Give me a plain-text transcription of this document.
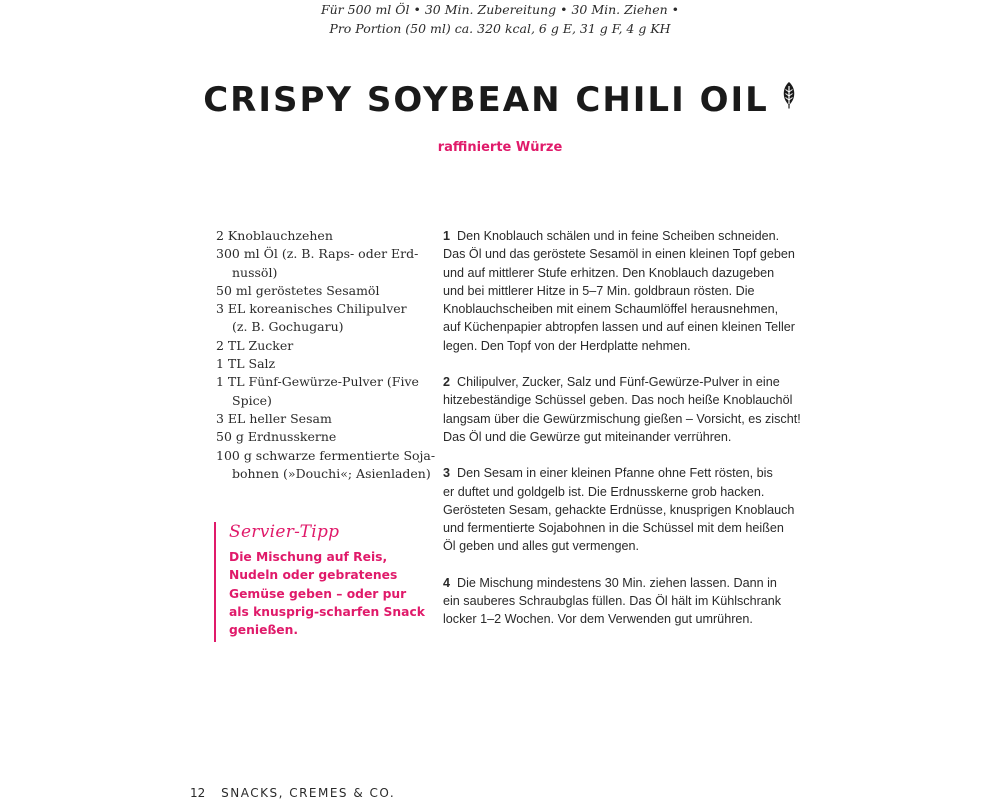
Für 500 ml Öl • 30 Min. Zubereitung • 30 Min. Ziehen •
Pro Portion (50 ml) ca. 320 kcal, 6 g E, 31 g F, 4 g KH
CRISPY SOYBEAN CHILI OIL
raffinierte Würze
2 Knoblauchzehen
300 ml Öl (z. B. Raps- oder Erd-
nussöl)
50 ml geröstetes Sesamöl
3 EL koreanisches Chilipulver
(z. B. Gochugaru)
2 TL Zucker
1 TL Salz
1 TL Fünf-Gewürze-Pulver (Five
Spice)
3 EL heller Sesam
50 g Erdnusskerne
100 g schwarze fermentierte Soja-
bohnen (»Douchi«; Asienladen)
Servier-Tipp
Die Mischung auf Reis,
Nudeln oder gebratenes
Gemüse geben – oder pur
als knusprig-scharfen Snack
genießen.
1 Den Knoblauch schälen und in feine Scheiben schneiden.
Das Öl und das geröstete Sesamöl in einen kleinen Topf geben
und auf mittlerer Stufe erhitzen. Den Knoblauch dazugeben
und bei mittlerer Hitze in 5–7 Min. goldbraun rösten. Die
Knoblauchscheiben mit einem Schaumlöffel herausnehmen,
auf Küchenpapier abtropfen lassen und auf einen kleinen Teller
legen. Den Topf von der Herdplatte nehmen.
2 Chilipulver, Zucker, Salz und Fünf-Gewürze-Pulver in eine
hitzebeständige Schüssel geben. Das noch heiße Knoblauchöl
langsam über die Gewürzmischung gießen – Vorsicht, es zischt!
Das Öl und die Gewürze gut miteinander verrühren.
3 Den Sesam in einer kleinen Pfanne ohne Fett rösten, bis
er duftet und goldgelb ist. Die Erdnusskerne grob hacken.
Gerösteten Sesam, gehackte Erdnüsse, knusprigen Knoblauch
und fermentierte Sojabohnen in die Schüssel mit dem heißen
Öl geben und alles gut vermengen.
4 Die Mischung mindestens 30 Min. ziehen lassen. Dann in
ein sauberes Schraubglas füllen. Das Öl hält im Kühlschrank
locker 1–2 Wochen. Vor dem Verwenden gut umrühren.
12 SNACKS, CREMES & CO.
